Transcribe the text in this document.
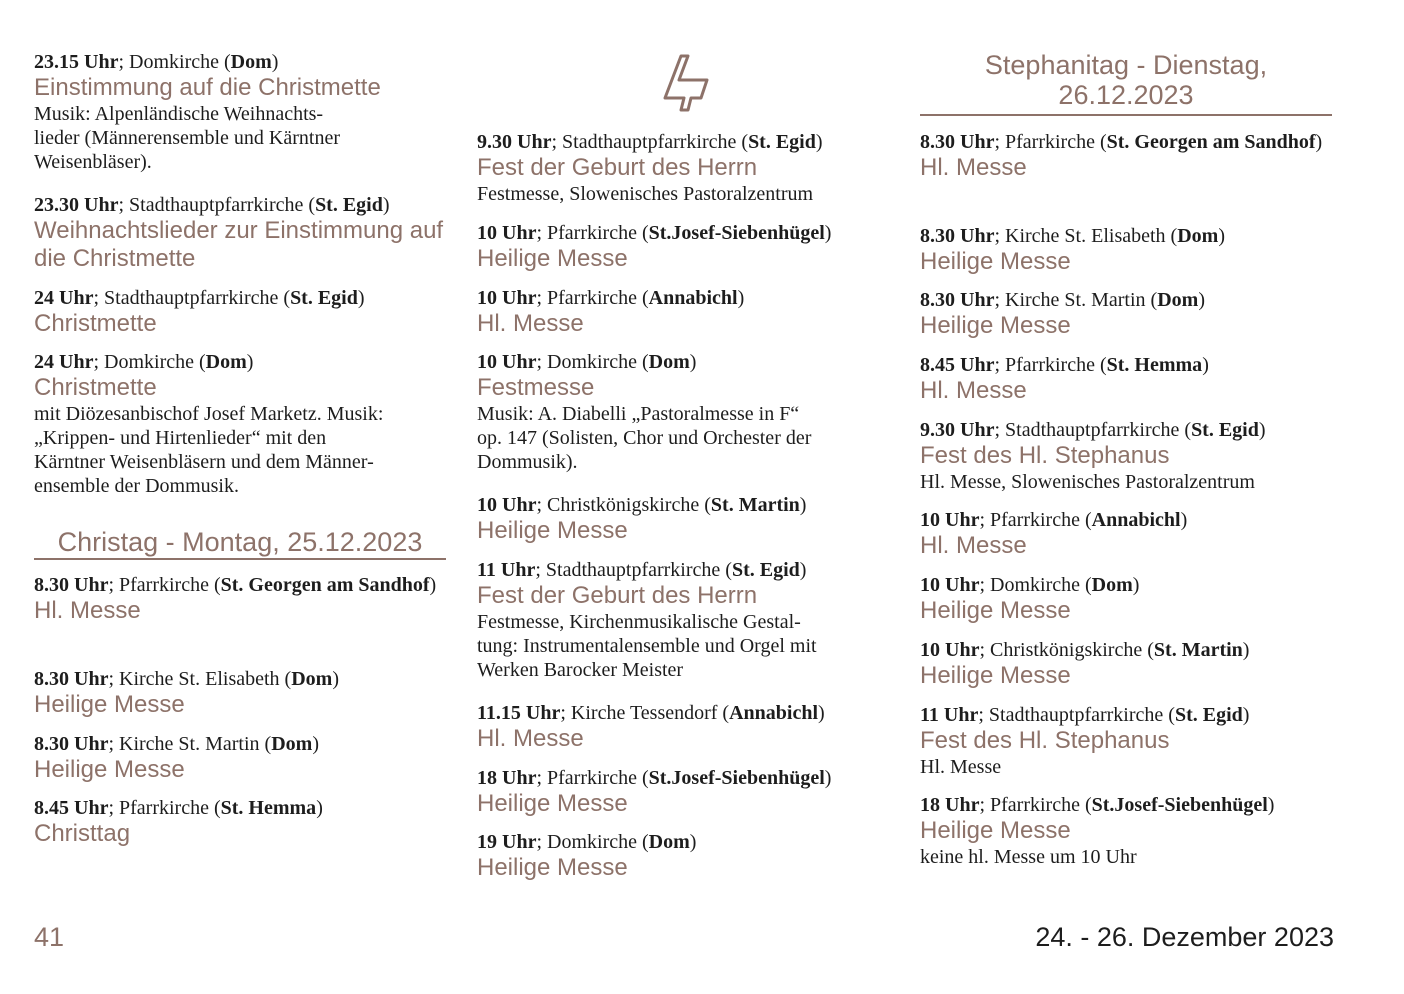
23.15 Uhr; Domkirche (Dom)

Einstimmung auf die Christmette

Musik: Alpenländische Weihnachts-
lieder (Männerensemble und Kärntner
Weisenbläser).

23.30 Uhr; Stadthauptpfarrkirche (St. Egid)

Weihnachtslieder zur Einstimmung auf die Christmette

24 Uhr; Stadthauptpfarrkirche (St. Egid)

Christmette

24 Uhr; Domkirche (Dom)

Christmette

mit Diözesanbischof Josef Marketz. Musik:
„Krippen- und Hirtenlieder“ mit den
Kärntner Weisenbläsern und dem Männer-
ensemble der Dommusik.

Christag - Montag, 25.12.2023

8.30 Uhr; Pfarrkirche (St. Georgen am Sandhof)

Hl. Messe

8.30 Uhr; Kirche St. Elisabeth (Dom)

Heilige Messe

8.30 Uhr; Kirche St. Martin (Dom)

Heilige Messe

8.45 Uhr; Pfarrkirche (St. Hemma)

Christtag

9.30 Uhr; Stadthauptpfarrkirche (St. Egid)

Fest der Geburt des Herrn

Festmesse, Slowenisches Pastoralzentrum

10 Uhr; Pfarrkirche (St.Josef-Siebenhügel)

Heilige Messe

10 Uhr; Pfarrkirche (Annabichl)

Hl. Messe

10 Uhr; Domkirche (Dom)

Festmesse

Musik: A. Diabelli „Pastoralmesse in F“
op. 147 (Solisten, Chor und Orchester der
Dommusik).

10 Uhr; Christkönigskirche (St. Martin)

Heilige Messe

11 Uhr; Stadthauptpfarrkirche (St. Egid)

Fest der Geburt des Herrn

Festmesse, Kirchenmusikalische Gestal-
tung: Instrumentalensemble und Orgel mit
Werken Barocker Meister

11.15 Uhr; Kirche Tessendorf (Annabichl)

Hl. Messe

18 Uhr; Pfarrkirche (St.Josef-Siebenhügel)

Heilige Messe

19 Uhr; Domkirche (Dom)

Heilige Messe

Stephanitag - Dienstag,
26.12.2023

8.30 Uhr; Pfarrkirche (St. Georgen am Sandhof)

Hl. Messe

8.30 Uhr; Kirche St. Elisabeth (Dom)

Heilige Messe

8.30 Uhr; Kirche St. Martin (Dom)

Heilige Messe

8.45 Uhr; Pfarrkirche (St. Hemma)

Hl. Messe

9.30 Uhr; Stadthauptpfarrkirche (St. Egid)

Fest des Hl. Stephanus

Hl. Messe, Slowenisches Pastoralzentrum

10 Uhr; Pfarrkirche (Annabichl)

Hl. Messe

10 Uhr; Domkirche (Dom)

Heilige Messe

10 Uhr; Christkönigskirche (St. Martin)

Heilige Messe

11 Uhr; Stadthauptpfarrkirche (St. Egid)

Fest des Hl. Stephanus

Hl. Messe

18 Uhr; Pfarrkirche (St.Josef-Siebenhügel)

Heilige Messe

keine hl. Messe um 10 Uhr

41	24. - 26. Dezember 2023
